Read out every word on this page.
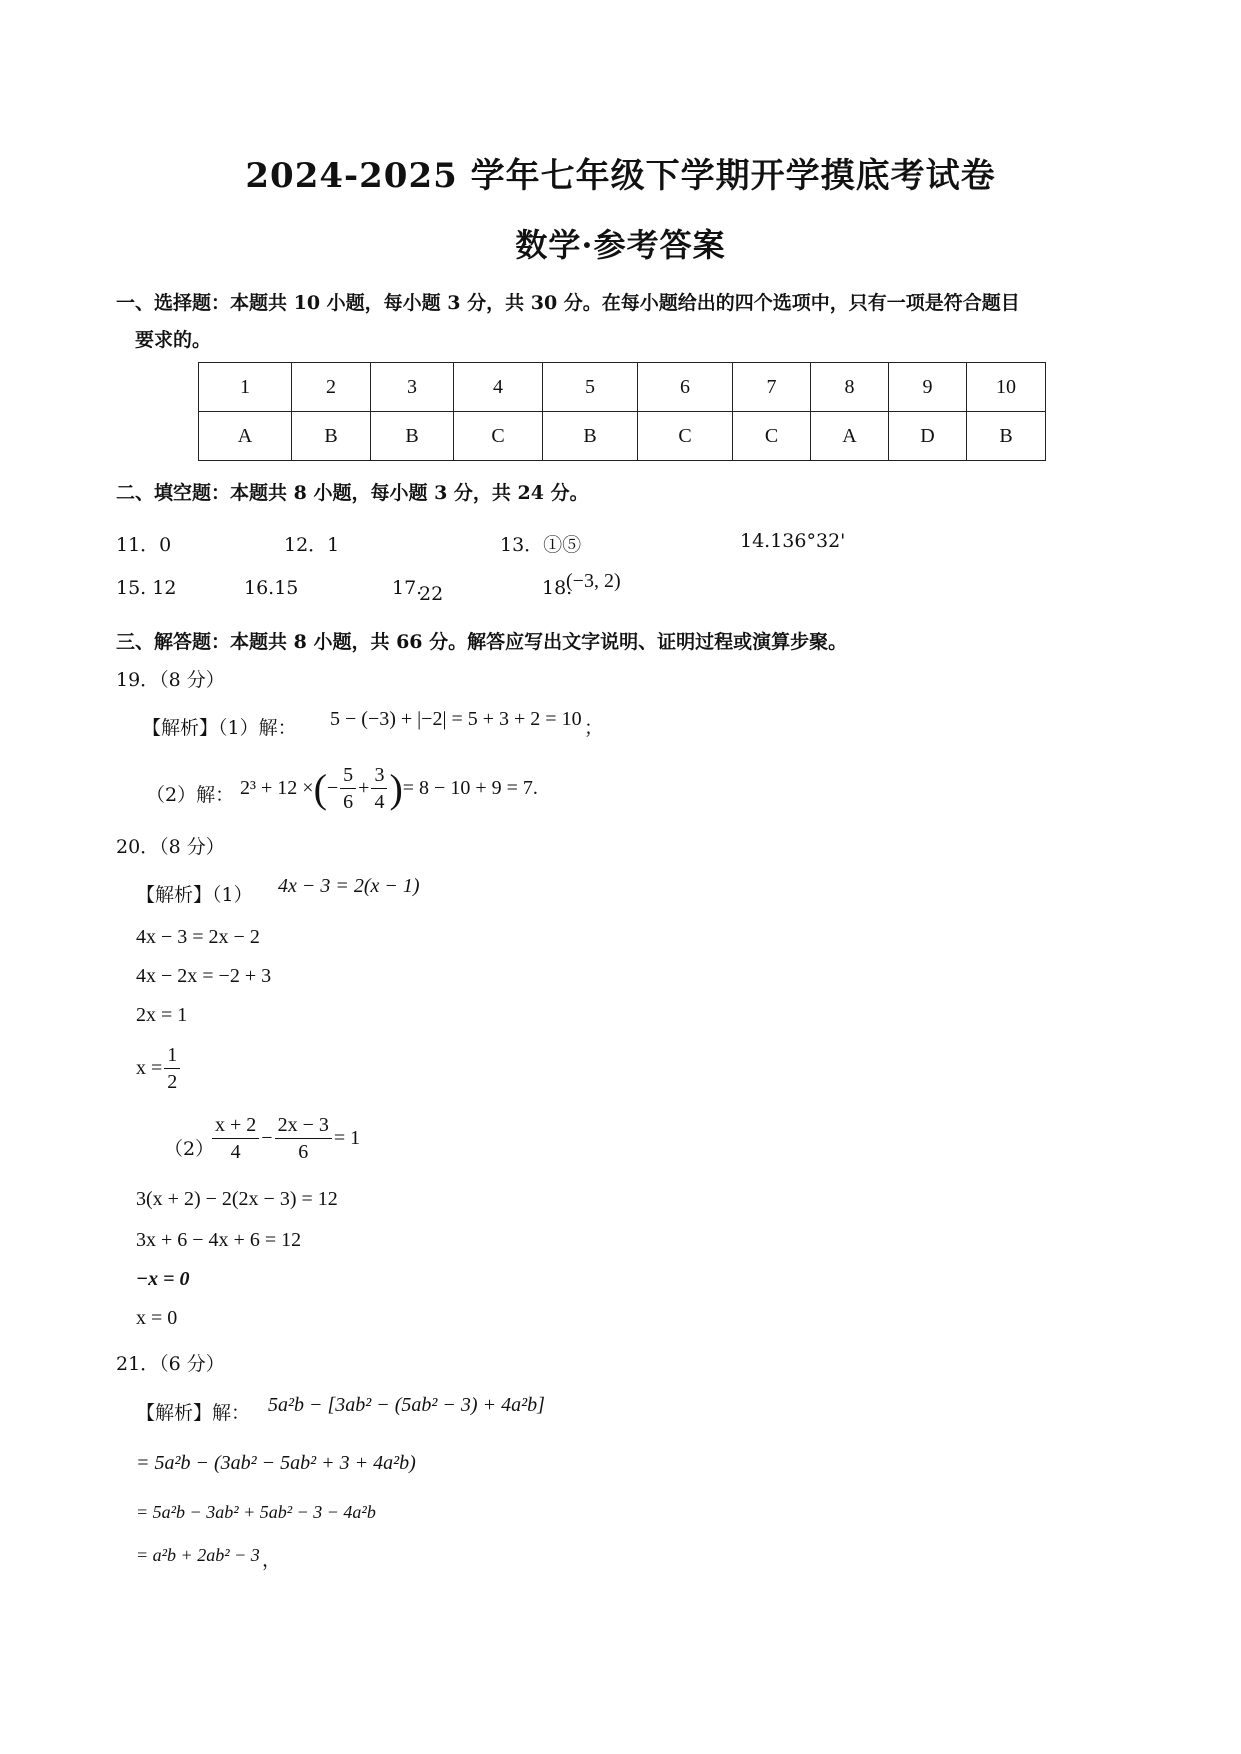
2024-2025 学年七年级下学期开学摸底考试卷
数学·参考答案
一、选择题：本题共 10 小题，每小题 3 分，共 30 分。在每小题给出的四个选项中，只有一项是符合题目
要求的。
1	2	3	4	5	6	7	8	9	10
A	B	B	C	B	C	C	A	D	B
二、填空题：本题共 8 小题，每小题 3 分，共 24 分。
11．0	12．1	13．①⑤	14.136°32'
15. 12	16.15	17.
22	18.
(−3, 2)
三、解答题：本题共 8 小题，共 66 分。解答应写出文字说明、证明过程或演算步聚。
19．（8 分）
【解析】（1）解： 5 − (−3) + |−2| = 5 + 3 + 2 = 10 ；
（2）解： 2³ + 12 × ( − $\frac{5}{6} + \frac{3}{4}$ ) = 8 − 10 + 9 = 7 .
20．（8 分）
【解析】（1） 4x − 3 = 2(x − 1)
4x − 3 = 2x − 2
4x − 2x = −2 + 3
2x = 1
$x = \frac{1}{2}$
（2）
$\frac{x + 2}{4} - \frac{2x - 3}{6} = 1$
3(x + 2) − 2(2x − 3) = 12
3x + 6 − 4x + 6 = 12
−x = 0
x = 0
21．（6 分）
【解析】解： 5a²b − [3ab² − (5ab² − 3) + 4a²b]
= 5a²b − (3ab² − 5ab² + 3 + 4a²b)
= 5a²b − 3ab² + 5ab² − 3 − 4a²b
= a²b + 2ab² − 3 ，
